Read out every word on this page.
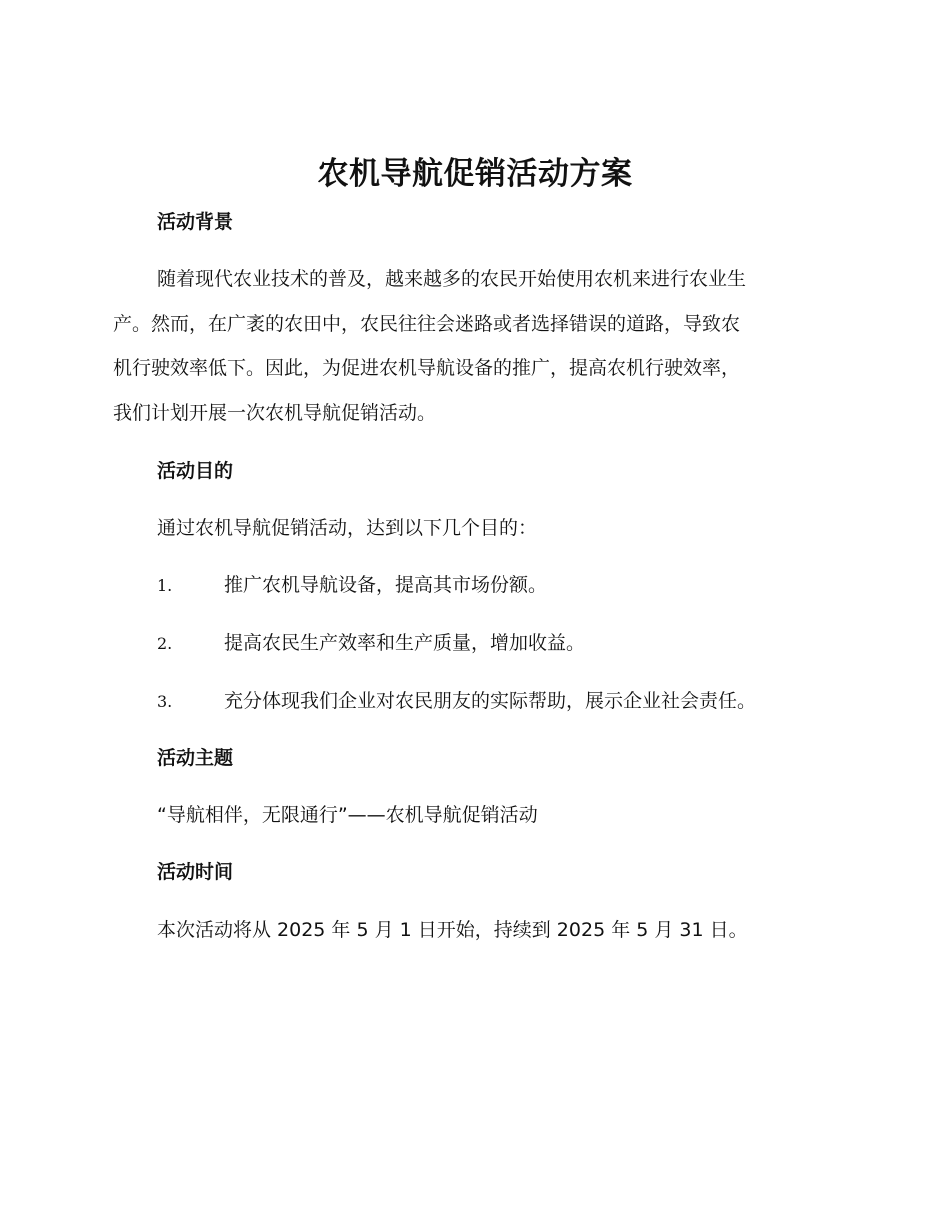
农机导航促销活动方案
活动背景
随着现代农业技术的普及，越来越多的农民开始使用农机来进行农业生
产。然而，在广袤的农田中，农民往往会迷路或者选择错误的道路，导致农
机行驶效率低下。因此，为促进农机导航设备的推广，提高农机行驶效率，
我们计划开展一次农机导航促销活动。
活动目的
通过农机导航促销活动，达到以下几个目的：
1.	推广农机导航设备，提高其市场份额。
2.	提高农民生产效率和生产质量，增加收益。
3.	充分体现我们企业对农民朋友的实际帮助，展示企业社会责任。
活动主题
“导航相伴，无限通行”——农机导航促销活动
活动时间
本次活动将从 2025 年 5 月 1 日开始，持续到 2025 年 5 月 31 日。
